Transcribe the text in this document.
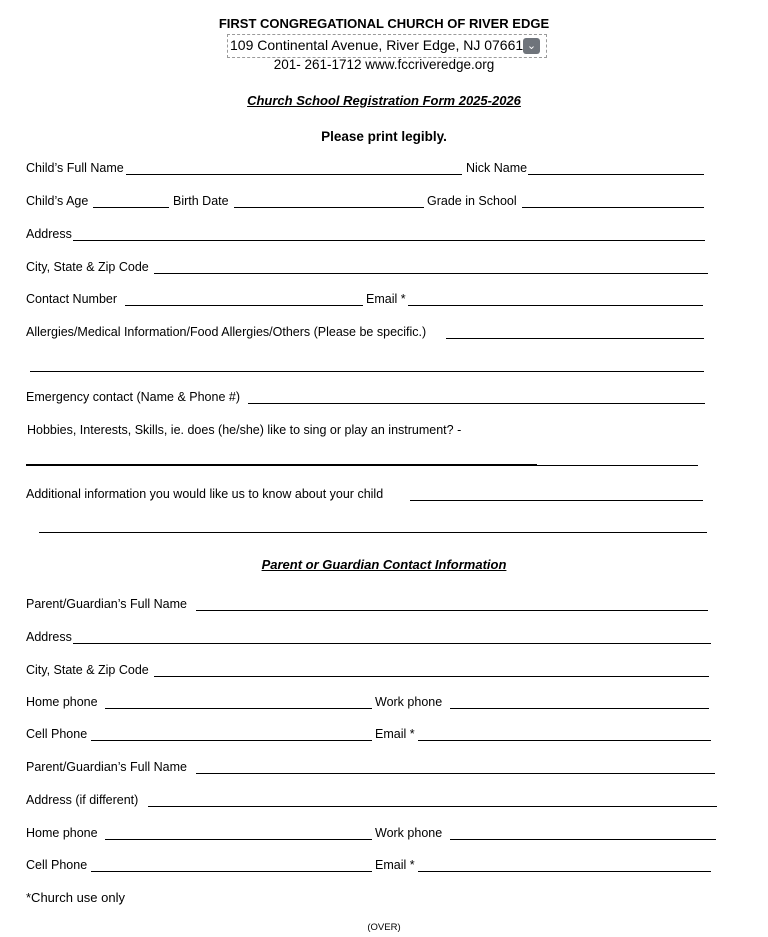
FIRST CONGREGATIONAL CHURCH OF RIVER EDGE
109 Continental Avenue, River Edge, NJ 07661 ⌄
201- 261-1712 www.fccriveredge.org
Church School Registration Form 2025-2026
Please print legibly.
Child’s Full Name	Nick Name
Child’s Age	Birth Date	Grade in School
Address
City, State & Zip Code
Contact Number	Email *
Allergies/Medical Information/Food Allergies/Others (Please be specific.)
Emergency contact (Name & Phone #)
Hobbies, Interests, Skills, ie. does (he/she) like to sing or play an instrument? -
Additional information you would like us to know about your child
Parent or Guardian Contact Information
Parent/Guardian’s Full Name
Address
City, State & Zip Code
Home phone	Work phone
Cell Phone	Email *
Parent/Guardian’s Full Name
Address (if different)
Home phone	Work phone
Cell Phone	Email *
*Church use only
(OVER)
